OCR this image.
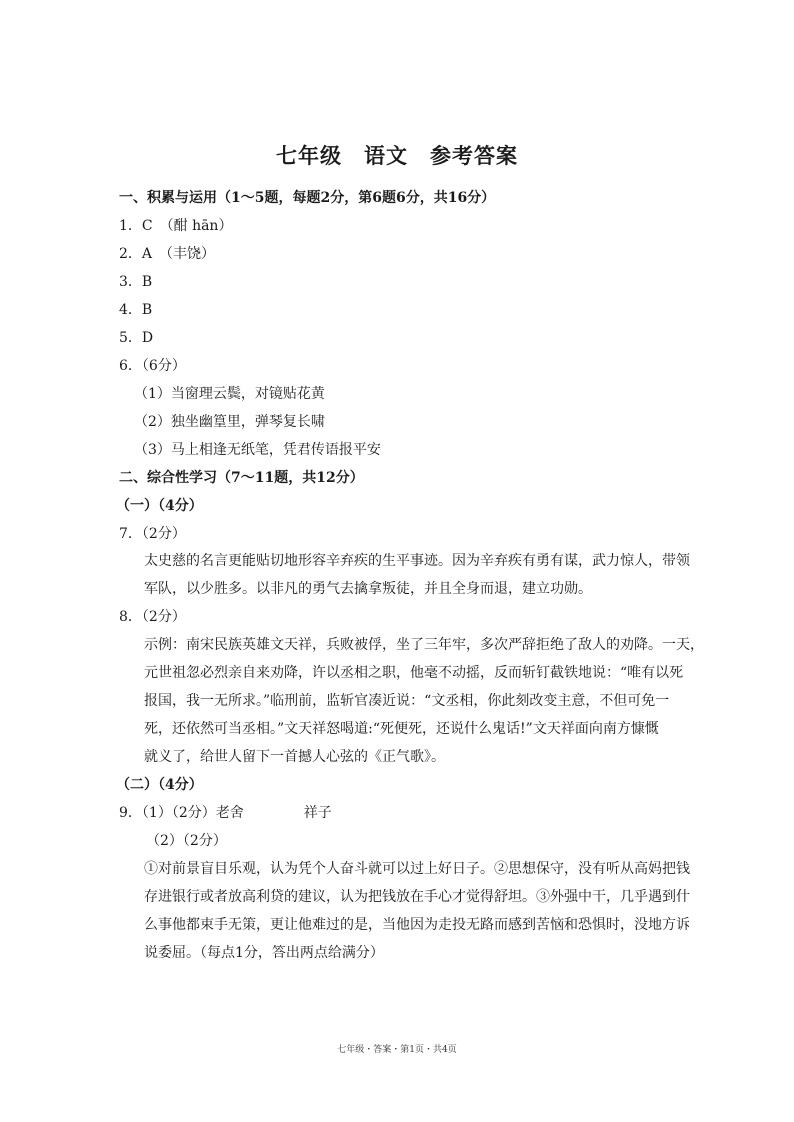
七年级　语文　参考答案
一、积累与运用（1～5题，每题2分，第6题6分，共16分）
1．C　（酣 hān）
2．A　（丰饶）
3．B
4．B
5．D
6．（6分）
（1）当窗理云鬓，对镜贴花黄
（2）独坐幽篁里，弹琴复长啸
（3）马上相逢无纸笔，凭君传语报平安
二、综合性学习（7～11题，共12分）
（一）（4分）
7．（2分）
太史慈的名言更能贴切地形容辛弃疾的生平事迹。因为辛弃疾有勇有谋，武力惊人，带领
军队，以少胜多。以非凡的勇气去擒拿叛徒，并且全身而退，建立功勋。
8．（2分）
示例：南宋民族英雄文天祥，兵败被俘，坐了三年牢，多次严辞拒绝了敌人的劝降。一天，
元世祖忽必烈亲自来劝降，许以丞相之职，他毫不动摇，反而斩钉截铁地说：“唯有以死
报国，我一无所求。”临刑前，监斩官凑近说：“文丞相，你此刻改变主意，不但可免一
死，还依然可当丞相。”文天祥怒喝道:“死便死，还说什么鬼话!”文天祥面向南方慷慨
就义了，给世人留下一首撼人心弦的《正气歌》。
（二）（4分）
9．（1）（2分）老舍	祥子
（2）（2分）
①对前景盲目乐观，认为凭个人奋斗就可以过上好日子。②思想保守，没有听从高妈把钱
存进银行或者放高利贷的建议，认为把钱放在手心才觉得舒坦。③外强中干，几乎遇到什
么事他都束手无策，更让他难过的是，当他因为走投无路而感到苦恼和恐惧时，没地方诉
说委屈。（每点1分，答出两点给满分）
七年级・答案・第1页・共4页
